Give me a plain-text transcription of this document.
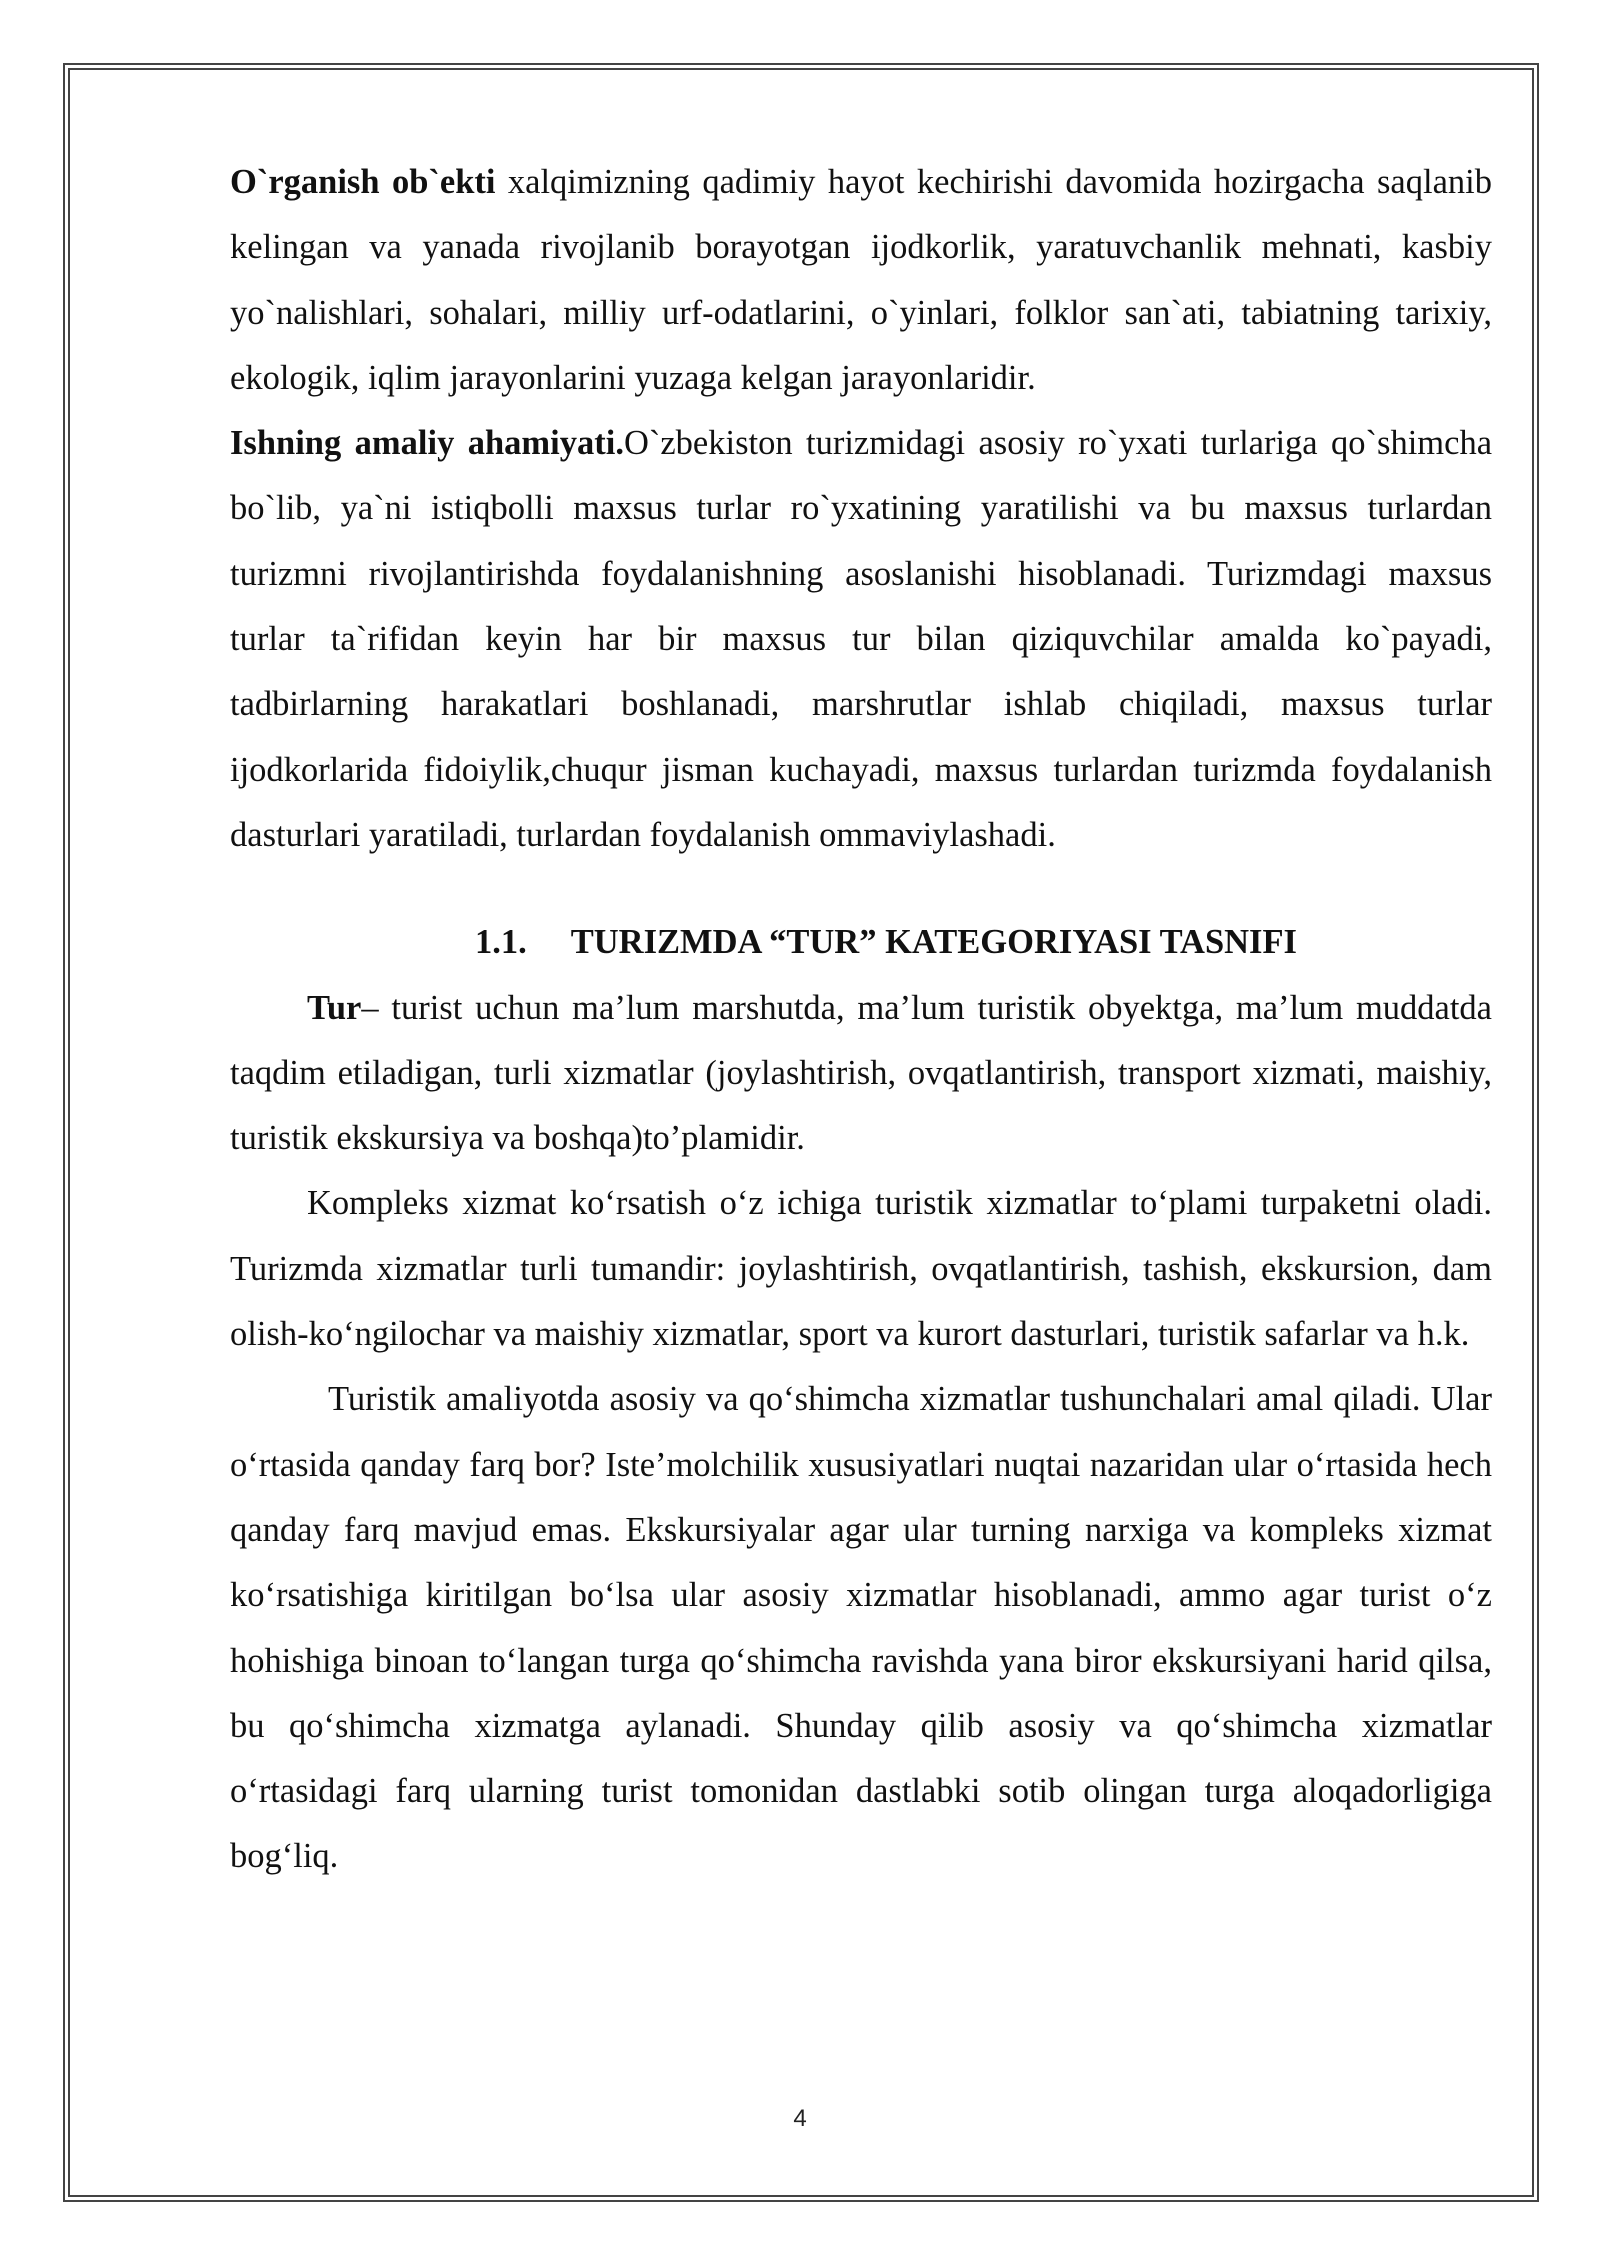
O`rganish ob`ekti xalqimizning qadimiy hayot kechirishi davomida hozirgacha saqlanib kelingan va yanada rivojlanib borayotgan ijodkorlik, yaratuvchanlik mehnati, kasbiy yo`nalishlari, sohalari, milliy urf-odatlarini, o`yinlari, folklor san`ati, tabiatning tarixiy, ekologik, iqlim jarayonlarini yuzaga kelgan jarayonlaridir.

Ishning amaliy ahamiyati.O`zbekiston turizmidagi asosiy ro`yxati turlariga qo`shimcha bo`lib, ya`ni istiqbolli maxsus turlar ro`yxatining yaratilishi va bu maxsus turlardan turizmni rivojlantirishda foydalanishning asoslanishi hisoblanadi. Turizmdagi maxsus turlar ta`rifidan keyin har bir maxsus tur bilan qiziquvchilar amalda ko`payadi, tadbirlarning harakatlari boshlanadi, marshrutlar ishlab chiqiladi, maxsus turlar ijodkorlarida fidoiylik,chuqur jisman kuchayadi, maxsus turlardan turizmda foydalanish dasturlari yaratiladi, turlardan foydalanish ommaviylashadi.

1.1. TURIZMDA “TUR” KATEGORIYASI TASNIFI

Tur– turist uchun ma’lum marshutda, ma’lum turistik obyektga, ma’lum muddatda taqdim etiladigan, turli xizmatlar (joylashtirish, ovqatlantirish, transport xizmati, maishiy, turistik ekskursiya va boshqa)to’plamidir.

Kompleks xizmat ko‘rsatish o‘z ichiga turistik xizmatlar to‘plami turpaketni oladi. Turizmda xizmatlar turli tumandir: joylashtirish, ovqatlantirish, tashish, ekskursion, dam olish-ko‘ngilochar va maishiy xizmatlar, sport va kurort dasturlari, turistik safarlar va h.k.

Turistik amaliyotda asosiy va qo‘shimcha xizmatlar tushunchalari amal qiladi. Ular o‘rtasida qanday farq bor? Iste’molchilik xususiyatlari nuqtai nazaridan ular o‘rtasida hech qanday farq mavjud emas. Ekskursiyalar agar ular turning narxiga va kompleks xizmat ko‘rsatishiga kiritilgan bo‘lsa ular asosiy xizmatlar hisoblanadi, ammo agar turist o‘z hohishiga binoan to‘langan turga qo‘shimcha ravishda yana biror ekskursiyani harid qilsa, bu qo‘shimcha xizmatga aylanadi. Shunday qilib asosiy va qo‘shimcha xizmatlar o‘rtasidagi farq ularning turist tomonidan dastlabki sotib olingan turga aloqadorligiga bog‘liq.

4
